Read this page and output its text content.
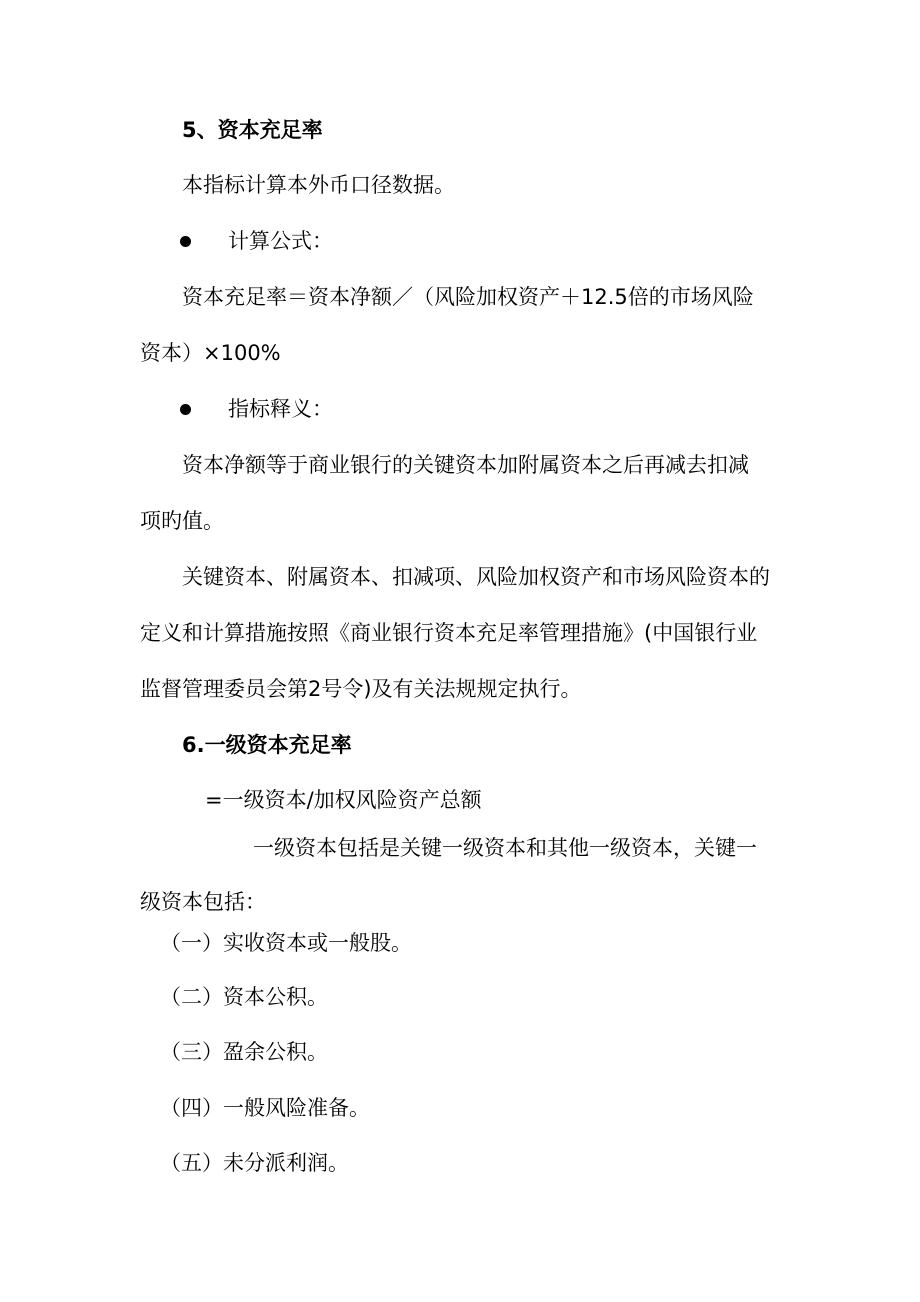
5、资本充足率
本指标计算本外币口径数据。
计算公式：
资本充足率＝资本净额／（风险加权资产＋12.5倍的市场风险
资本）×100%
指标释义：
资本净额等于商业银行的关键资本加附属资本之后再减去扣减
项旳值。
关键资本、附属资本、扣减项、风险加权资产和市场风险资本的
定义和计算措施按照《商业银行资本充足率管理措施》(中国银行业
监督管理委员会第2号令)及有关法规规定执行。
6.一级资本充足率
=一级资本/加权风险资产总额
一级资本包括是关键一级资本和其他一级资本，关键一
级资本包括：
（一）实收资本或一般股。
（二）资本公积。
（三）盈余公积。
（四）一般风险准备。
（五）未分派利润。
